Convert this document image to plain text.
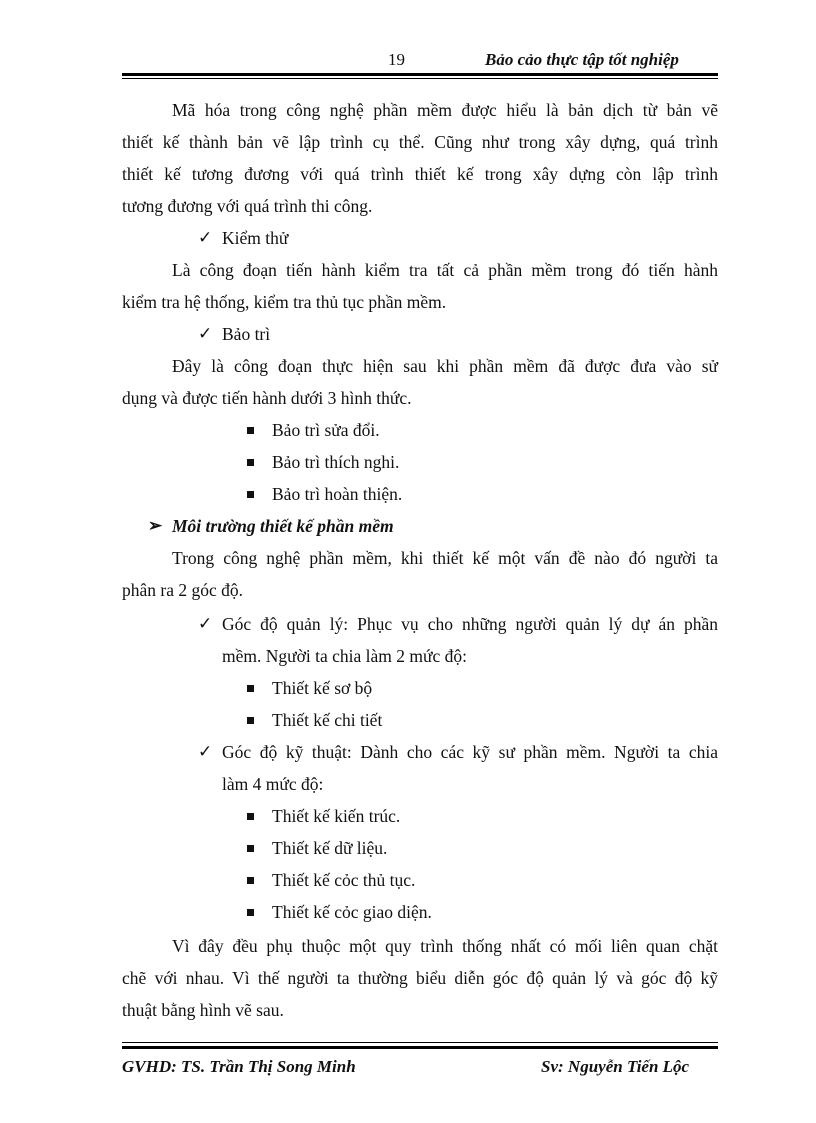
19	Bảo cảo thực tập tốt nghiệp
Mã hóa trong công nghệ phần mềm được hiểu là bản dịch từ bản vẽ
thiết kế thành bản vẽ lập trình cụ thể. Cũng như trong xây dựng, quá trình
thiết kế tương đương với quá trình thiết kế trong xây dựng còn lập trình
tương đương với quá trình thi công.
✓ Kiểm thử
Là công đoạn tiến hành kiểm tra tất cả phần mềm trong đó tiến hành
kiểm tra hệ thống, kiểm tra thủ tục phần mềm.
✓ Bảo trì
Đây là công đoạn thực hiện sau khi phần mềm đã được đưa vào sử
dụng và được tiến hành dưới 3 hình thức.
Bảo trì sửa đổi.
Bảo trì thích nghi.
Bảo trì hoàn thiện.
➢ Môi trường thiết kế phần mềm
Trong công nghệ phần mềm, khi thiết kế một vấn đề nào đó người ta
phân ra 2 góc độ.
✓ Góc độ quản lý: Phục vụ cho những người quản lý dự án phần
mềm. Người ta chia làm 2 mức độ:
Thiết kế sơ bộ
Thiết kế chi tiết
✓ Góc độ kỹ thuật: Dành cho các kỹ sư phần mềm. Người ta chia
làm 4 mức độ:
Thiết kế kiến trúc.
Thiết kế dữ liệu.
Thiết kế cỏc thủ tục.
Thiết kế cỏc giao diện.
Vì đây đều phụ thuộc một quy trình thống nhất có mối liên quan chặt
chẽ với nhau. Vì thế người ta thường biểu diễn góc độ quản lý và góc độ kỹ
thuật bằng hình vẽ sau.
GVHD: TS. Trần Thị Song Minh	Sv: Nguyễn Tiến Lộc
